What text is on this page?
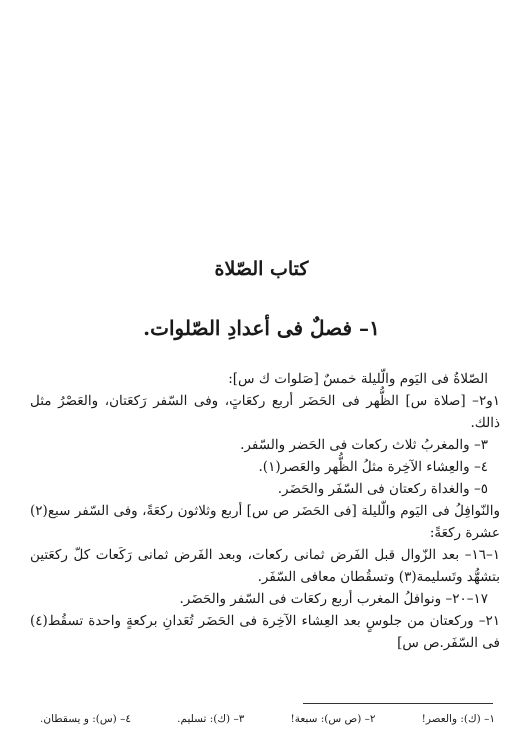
كتاب الصّلاة
١– فصلٌ فى أعدادِ الصّلوات.

الصّلاةُ فى اليَوم والّليلة خمسٌ [صَلوات ك س]:

١و٢– [صلاة س] الظُّهر فى الحَضَر أربع ركعَاتٍ، وفى السّفر رَكعَتان، والعَصْرُ مثل ذالك.

٣– والمغربُ ثلاث ركعات فى الحَضر والسّفر.

٤– والعِشاء الآخِرة مثلُ الظُّهر والعَصر(١).

٥– والغداة ركعتان فى السّفَر والحَضَر.

والنّوافِلُ فى اليَوم والّليلة [فى الحَضَر ص س] أربع وثلاثون ركعَةً، وفى السّفر سبع(٢) عشرة ركعَةً:

١–١٦– بعد الزّوال قبل الفَرض ثمانى ركعات، وبعد الفَرض ثمانى رَكَعات كلّ ركعَتين بتشهُّد وتَسليمة(٣) وتسقُطان معافى السّفَر.

١٧–٢٠– ونوافلُ المغرب أربع ركعَات فى السّفر والحَضَر.

٢١– وركعتان من جلوسٍ بعد العِشاء الآخِرة فى الحَضَر تُعَدانِ بركعةٍ واحدة تسقُط(٤) فى السّفَر.ص س]

١– (ك): والعصر!
٢– (ص س): سبعة!
٣– (ك): تسليم.
٤– (س): و يسقطان.
